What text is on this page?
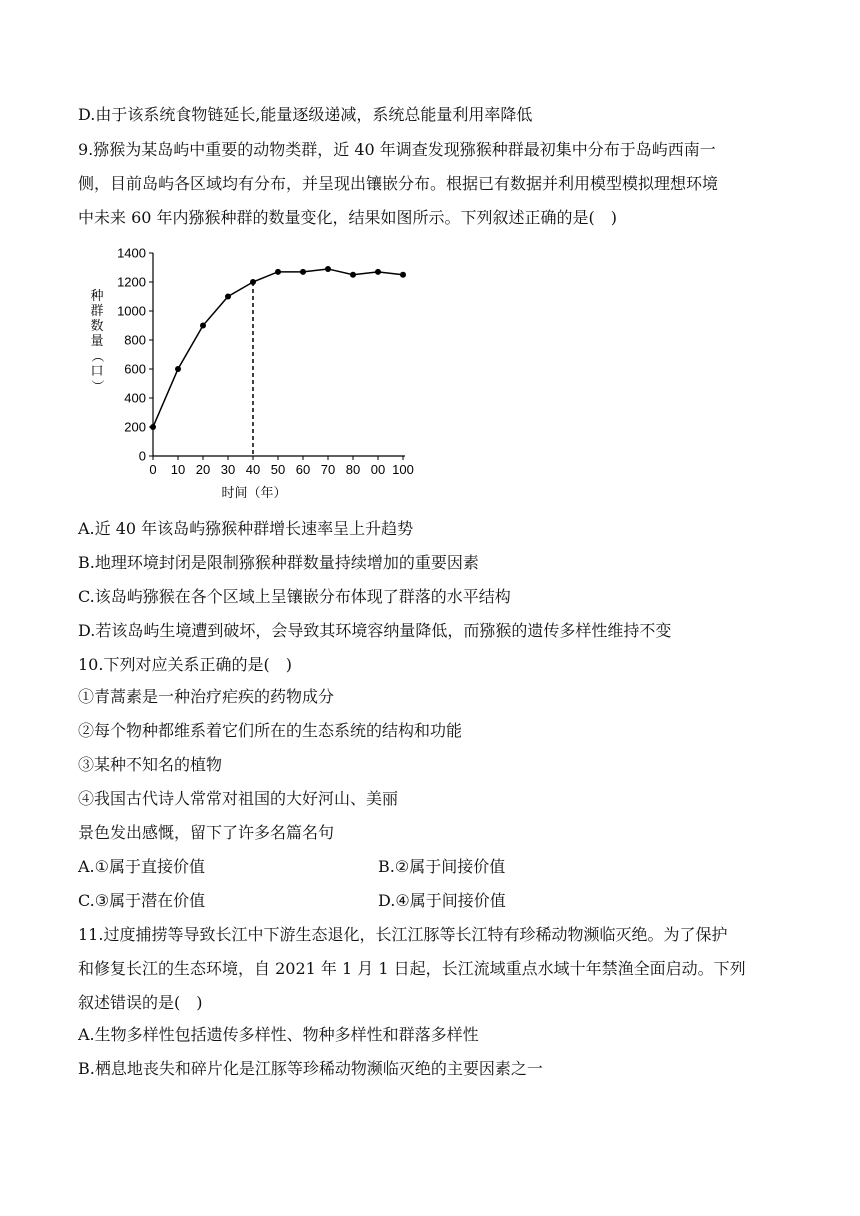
D.由于该系统食物链延长,能量逐级递减，系统总能量利用率降低
9.猕猴为某岛屿中重要的动物类群，近 40 年调查发现猕猴种群最初集中分布于岛屿西南一
侧，目前岛屿各区域均有分布，并呈现出镶嵌分布。根据已有数据并利用模型模拟理想环境
中未来 60 年内猕猴种群的数量变化，结果如图所示。下列叙述正确的是(　)
0
200
400
600
800
1000
1200
1400
0 10 20 30 40 50 60 70 80 00 100
种
群
数
量
（
口
）
时间（年）
A.近 40 年该岛屿猕猴种群增长速率呈上升趋势
B.地理环境封闭是限制猕猴种群数量持续增加的重要因素
C.该岛屿猕猴在各个区域上呈镶嵌分布体现了群落的水平结构
D.若该岛屿生境遭到破坏，会导致其环境容纳量降低，而猕猴的遗传多样性维持不变
10.下列对应关系正确的是(　)
①青蒿素是一种治疗疟疾的药物成分
②每个物种都维系着它们所在的生态系统的结构和功能
③某种不知名的植物
④我国古代诗人常常对祖国的大好河山、美丽
景色发出感慨，留下了许多名篇名句
A.①属于直接价值	B.②属于间接价值
C.③属于潜在价值	D.④属于间接价值
11.过度捕捞等导致长江中下游生态退化，长江江豚等长江特有珍稀动物濒临灭绝。为了保护
和修复长江的生态环境，自 2021 年 1 月 1 日起，长江流域重点水域十年禁渔全面启动。下列
叙述错误的是(　)
A.生物多样性包括遗传多样性、物种多样性和群落多样性
B.栖息地丧失和碎片化是江豚等珍稀动物濒临灭绝的主要因素之一
